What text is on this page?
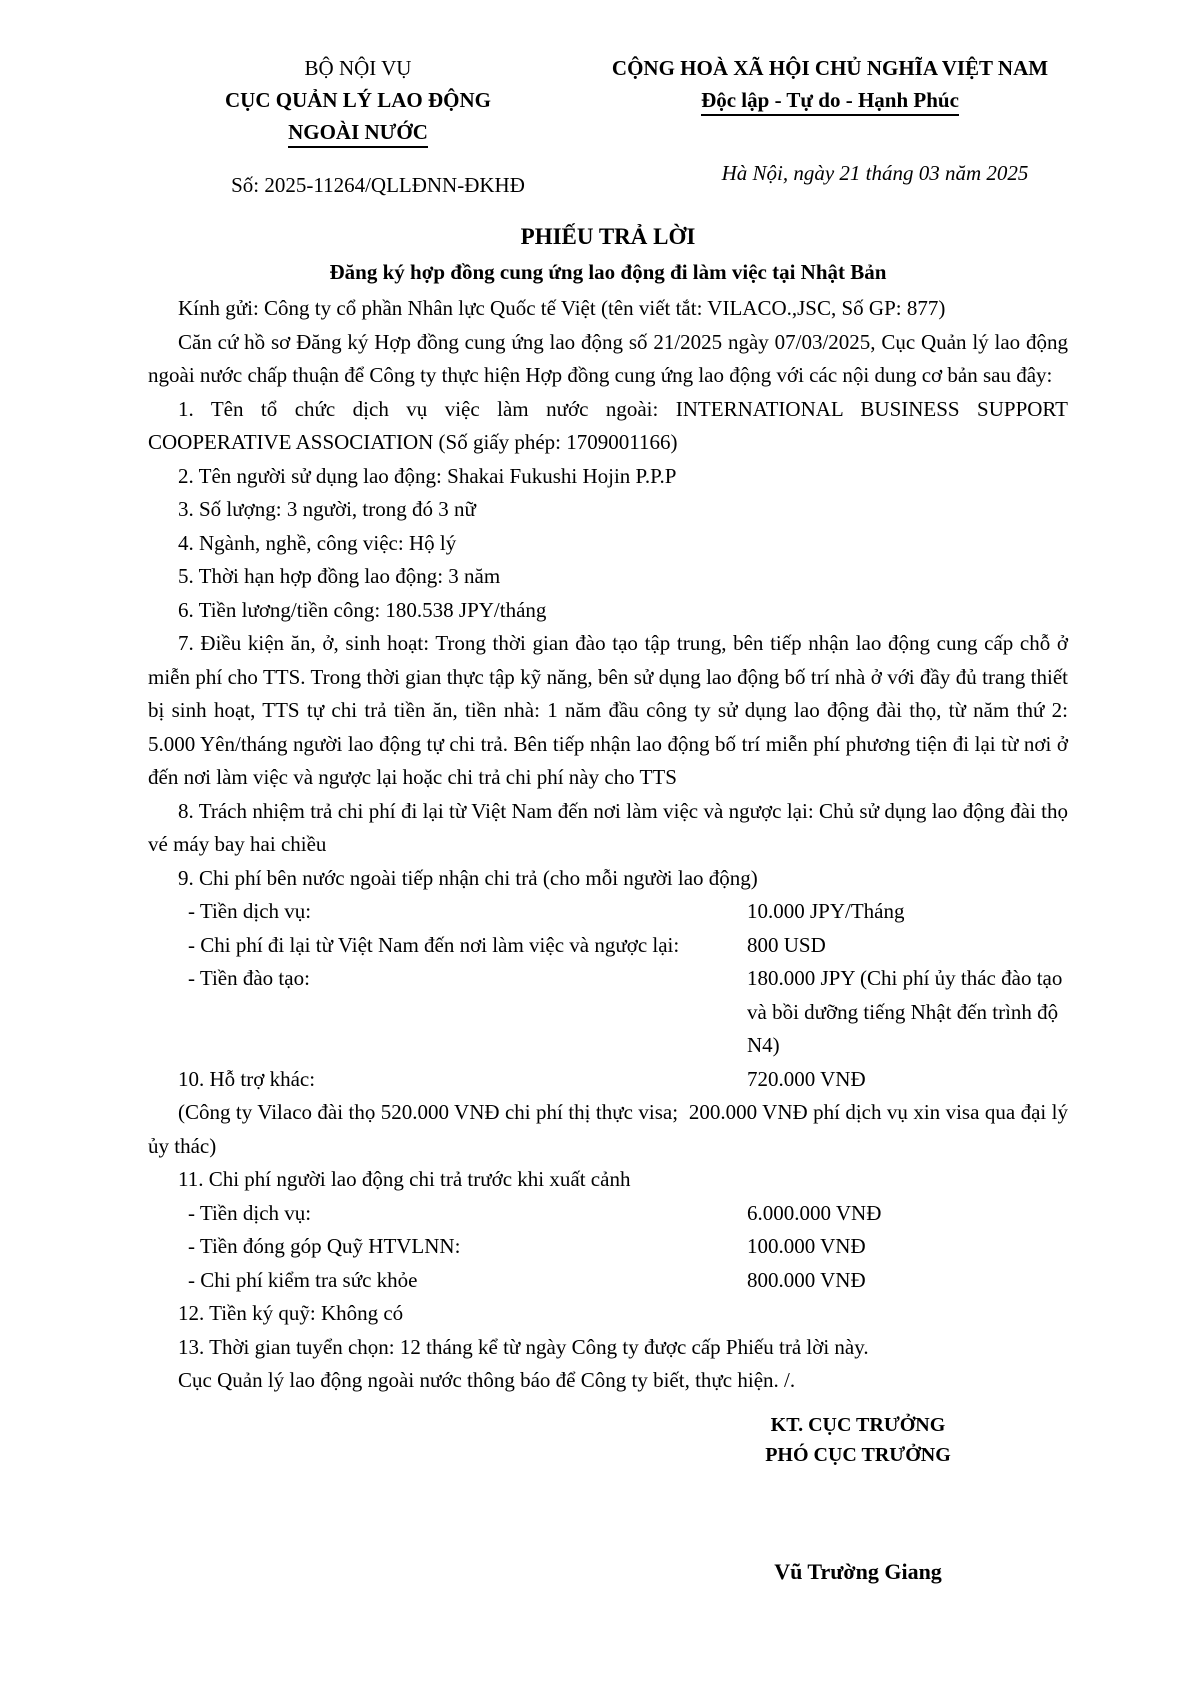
BỘ NỘI VỤ
CỤC QUẢN LÝ LAO ĐỘNG
NGOÀI NƯỚC
Số: 2025-11264/QLLĐNN-ĐKHĐ
CỘNG HOÀ XÃ HỘI CHỦ NGHĨA VIỆT NAM
Độc lập - Tự do - Hạnh Phúc
Hà Nội, ngày 21 tháng 03 năm 2025
PHIẾU TRẢ LỜI
Đăng ký hợp đồng cung ứng lao động đi làm việc tại Nhật Bản

Kính gửi: Công ty cổ phần Nhân lực Quốc tế Việt (tên viết tắt: VILACO.,JSC, Số GP: 877)

Căn cứ hồ sơ Đăng ký Hợp đồng cung ứng lao động số 21/2025 ngày 07/03/2025, Cục Quản lý lao động ngoài nước chấp thuận để Công ty thực hiện Hợp đồng cung ứng lao động với các nội dung cơ bản sau đây:

1. Tên tổ chức dịch vụ việc làm nước ngoài: INTERNATIONAL BUSINESS SUPPORT COOPERATIVE ASSOCIATION (Số giấy phép: 1709001166)

2. Tên người sử dụng lao động: Shakai Fukushi Hojin P.P.P

3. Số lượng: 3 người, trong đó 3 nữ

4. Ngành, nghề, công việc: Hộ lý

5. Thời hạn hợp đồng lao động: 3 năm

6. Tiền lương/tiền công: 180.538 JPY/tháng

7. Điều kiện ăn, ở, sinh hoạt: Trong thời gian đào tạo tập trung, bên tiếp nhận lao động cung cấp chỗ ở miễn phí cho TTS. Trong thời gian thực tập kỹ năng, bên sử dụng lao động bố trí nhà ở với đầy đủ trang thiết bị sinh hoạt, TTS tự chi trả tiền ăn, tiền nhà: 1 năm đầu công ty sử dụng lao động đài thọ, từ năm thứ 2: 5.000 Yên/tháng người lao động tự chi trả. Bên tiếp nhận lao động bố trí miễn phí phương tiện đi lại từ nơi ở đến nơi làm việc và ngược lại hoặc chi trả chi phí này cho TTS

8. Trách nhiệm trả chi phí đi lại từ Việt Nam đến nơi làm việc và ngược lại: Chủ sử dụng lao động đài thọ vé máy bay hai chiều

9. Chi phí bên nước ngoài tiếp nhận chi trả (cho mỗi người lao động)

- Tiền dịch vụ:	10.000 JPY/Tháng
- Chi phí đi lại từ Việt Nam đến nơi làm việc và ngược lại:	800 USD
- Tiền đào tạo:	180.000 JPY (Chi phí ủy thác đào tạo và bồi dưỡng tiếng Nhật đến trình độ N4)
10. Hỗ trợ khác:	720.000 VNĐ

(Công ty Vilaco đài thọ 520.000 VNĐ chi phí thị thực visa;  200.000 VNĐ phí dịch vụ xin visa qua đại lý ủy thác)

11. Chi phí người lao động chi trả trước khi xuất cảnh

- Tiền dịch vụ:	6.000.000 VNĐ
- Tiền đóng góp Quỹ HTVLNN:	100.000 VNĐ
- Chi phí kiểm tra sức khỏe	800.000 VNĐ

12. Tiền ký quỹ: Không có

13. Thời gian tuyển chọn: 12 tháng kể từ ngày Công ty được cấp Phiếu trả lời này.

Cục Quản lý lao động ngoài nước thông báo để Công ty biết, thực hiện. /.

KT. CỤC TRƯỞNG
PHÓ CỤC TRƯỞNG
Vũ Trường Giang
